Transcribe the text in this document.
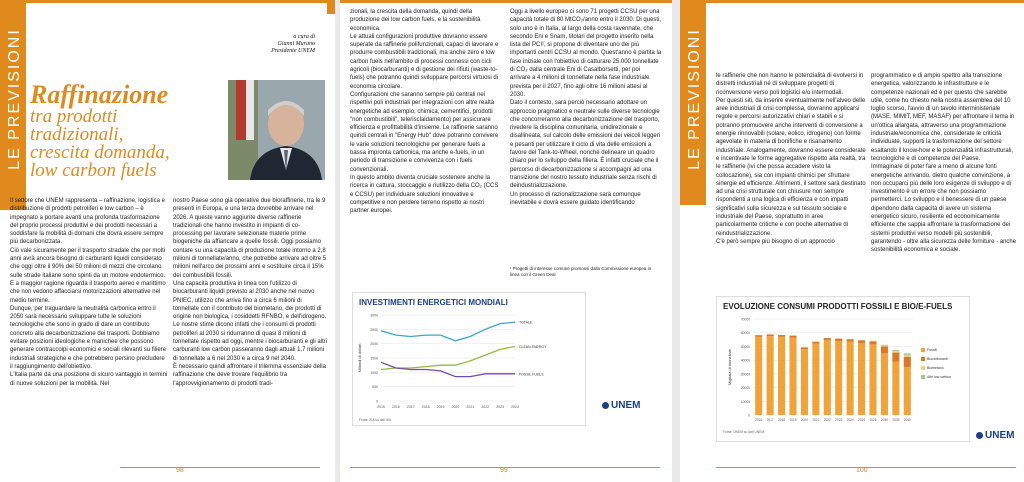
LE PREVISIONI	a cura di
Gianni Murano
Presidente UNEM
Raffinazione
tra prodotti
tradizionali,
crescita domanda,
low carbon fuels

Il settore che UNEM rappresenta – raffinazione, logistica e distribuzione di prodotti petroliferi e low carbon – è impegnato a portare avanti una profonda trasformazione del proprio processi produttivi e dei prodotti necessari a soddisfare la mobilità di domani che dovrà essere sempre più decarbonizzata.

Ciò vale sicuramente per il trasporto stradale che per molti anni avrà ancora bisogno di carburanti liquidi considerato che oggi oltre il 90% dei 50 milioni di mezzi che circolano sulle strade italiane sono spinti da un motore endotermico. E a maggior ragione riguarda il trasporto aereo e marittimo che non vedono affacciarsi motorizzazioni alternative nel medio termine.

Dunque, per traguardare la neutralità carbonica entro il 2050 sarà necessario sviluppare tutte le soluzioni tecnologiche che sono in grado di dare un contributo concreto alla decarbonizzazione dei trasporti. Dobbiamo evitare posizioni ideologiche e manichee che possono generare contraccolpi economici e sociali rilevanti su filiere industriali strategiche e che potrebbero persino precludere il raggiungimento dell'obiettivo.

L'Italia parte da una posizione di sicuro vantaggio in termini di nuove soluzioni per la mobilità. Nel

nostro Paese sono già operative due bioraffinerie, tra le 9 presenti in Europa, e una terza dovrebbe arrivare nel 2026. A queste vanno aggiunte diverse raffinerie tradizionali che hanno investito in impianti di co-processing per lavorare selezionate materie prime biogeniche da affiancare a quelle fossili. Oggi possiamo contare su una capacità di produzione totale intorno a 2,8 milioni di tonnellate/anno, che potrebbe arrivare ad oltre 5 milioni nell'arco dei prossimi anni e sostituire circa il 15% dei combustibili fossili.

Una capacità produttiva in linea con l'utilizzo di biocarburanti liquidi previsto al 2030 anche nel nuovo PNIEC, utilizzo che arriva fino a circa 6 milioni di tonnellate con il contributo del biometano, dei prodotti di origine non biologica, i cosiddetti RFNBO, e dell'idrogeno.

Le nostre stime dicono infatti che i consumi di prodotti petroliferi al 2030 si ridurranno di quasi 8 milioni di tonnellate rispetto ad oggi, mentre i biocarburanti e gli altri carburanti low carbon passeranno dagli attuali 1,7 milioni di tonnellate a 6 nel 2030 e a circa 9 nel 2040.

È necessario quindi affrontare il trilemma essenziale della raffinazione che deve trovare l'equilibrio tra l'approvvigionamento di prodotti tradi-

98

zionali, la crescita della domanda, quindi della produzione dei low carbon fuels, e la sostenibilità economica.

Le attuali configurazioni produttive dovranno essere superate da raffinerie polifunzionali, capaci di lavorare e produrre combustibili tradizionali, ma anche zero e low carbon fuels nell'ambito di processi connessi con cicli agricoli (biocarburanti) e di gestione dei rifiuti (waste-to-fuels) che potranno quindi sviluppare percorsi virtuosi di economia circolare.

Configurazioni che saranno sempre più centrali nei rispettivi poli industriali per integrazioni con altre realtà energetiche ad esempio, chimica, cementifici, prodotti "non combustibili", telerisclaldamento) per assicurare efficienza e profittabilità d'insieme. Le raffinerie saranno quindi centrali in "Energy Hub" dove potranno convivere le varie soluzioni tecnologiche per generare fuels a bassa impronta carbonica, ma anche e-fuels, in un periodo di transizione e convivenza con i fuels convenzionali.

In questo ambito diventa cruciale sostenere anche la ricerca in cattura, stoccaggio e riutilizzo della CO₂ (CCS e CCSU) per individuare soluzioni innovative e competitive e non perdere terreno rispetto ai nostri partner europei.

Oggi a livello europeo ci sono 71 progetti CCSU per una capacità totale di 80 MtCO₂/anno entro il 2030. Di questi, solo uno è in Italia, al largo della costa ravennate, che secondo Eni e Snam, titolari del progetto inserito nella lista dei PCI¹, si propone di diventare uno dei più importanti centri CCSU al mondo. Quest'anno è partita la fase iniziale con l'obiettivo di catturare 25.000 tonnellate di CO₂ dalla centrale Eni di Casalborsetti, per poi arrivare a 4 milioni di tonnellate nella fase industriale prevista per il 2027, fino agli oltre 16 milioni attesi al 2030.

Dato il contesto, sarà perciò necessario adottare un approccio pragmatico e neutrale sulle diverse tecnologie che concorreranno alla decarbonizzazione del trasporto, rivedere la disciplina comunitaria, unidirezionale e disallineata, sul calcolo delle emissioni dei veicoli leggeri e pesanti per utilizzare il ciclo di vita delle emissioni a favore del Tank-to-Wheel, nonché delineare un quadro chiaro per lo sviluppo della filiera. È infatti cruciale che il percorso di decarbonizzazione si accompagni ad una transizione del nostro tessuto industriale senza rischi di deindustrializzazione.

Un processo di razionalizzazione sarà comunque inevitabile e dovrà essere guidato identificando

¹ Progetti di interesse comune promossi dalla Commissione europea in linea con il Green Deal
INVESTIMENTI ENERGETICI MONDIALI
0
500
1000
1500
2000
2500
3000
2015 2016 2017 2018 2019 2020 2021 2022 2023 2024
Miliardi di dollari
TOTALE
CLEAN ENERGY
FOSSIL FUELS
Fonte: IEA su dati IEA
UNEM
99
LE PREVISIONI le raffinerie che non hanno le potenzialità di evolversi in distretti industriali né di sviluppare progetti di riconversione verso poli logistici e/o intermodali.

Per questi siti, da inserire eventualmente nell'alveo delle aree industriali di crisi complessa, dovranno applicarsi regole e percorsi autorizzativi chiari e stabili e si potranno promuovere anche interventi di conversione a energie rinnovabili (solare, eolico, idrogeno) con forme agevolate in materia di bonifiche e risanamento industriale. Analogamente, dovranno essere considerate e incentivate le forme aggregative rispetto alla realtà, tra le raffinerie (ivi che possa accadere visto la collocazione), sia con impianti chimici per sfruttare sinergie ed efficienze. Altrimenti, il settore sarà destinato ad una crisi strutturale con chiusure non sempre rispondenti a una logica di efficienza e con impatti significativi sulla sicurezza e sul tessuto sociale e industriale del Paese, soprattutto in aree particolarmente critiche e con poche alternative di reindustrializzazione.

C'è però sempre più bisogno di un approccio

programmatico e di ampio spettro alla transizione energetica, valorizzando le infrastrutture e le competenze nazionali ed è per questo che sarebbe utile, come ho chiesto nella nostra assemblea del 10 luglio scorso, l'avvio di un tavolo interministeriale (MASE, MIMIT, MEF, MASAF) per affrontare il tema in un'ottica allargata, attraverso una programmazione industriale/economica che, considerate le criticità individuate, supporti la trasformazione del settore esaltando il know-how e le potenzialità infrastrutturali, tecnologiche e di competenze del Paese.

Immaginare di poter fare a meno di alcune fonti energetiche arrivando, dietro qualche convinzione, a non occuparci più delle loro esigenze di sviluppo e di investimento è un errore che non possiamo permetterci. Lo sviluppo e il benessere di un paese dipendono dalla capacità di avere un sistema energetico sicuro, resiliente ed economicamente efficiente che sappia affrontare la trasformazione dei sistemi produttivi verso modelli più sostenibili, garantendo - oltre alla sicurezza delle forniture - anche sostenibilità economica e sociale.

EVOLUZIONE CONSUMI PRODOTTI FOSSILI E BIO/E-FUELS
0
10000
20000
30000
40000
50000
60000
70000
2016 2017 2018 2019 2020 2021 2022 2023 2024 2025 2026 2030 2035 2040
Migliaia di tonnellate	Fossili
Biocarburanti
Biometano
Altri low carbon
Fonte: UNEM su dati UNEM	UNEM
100
